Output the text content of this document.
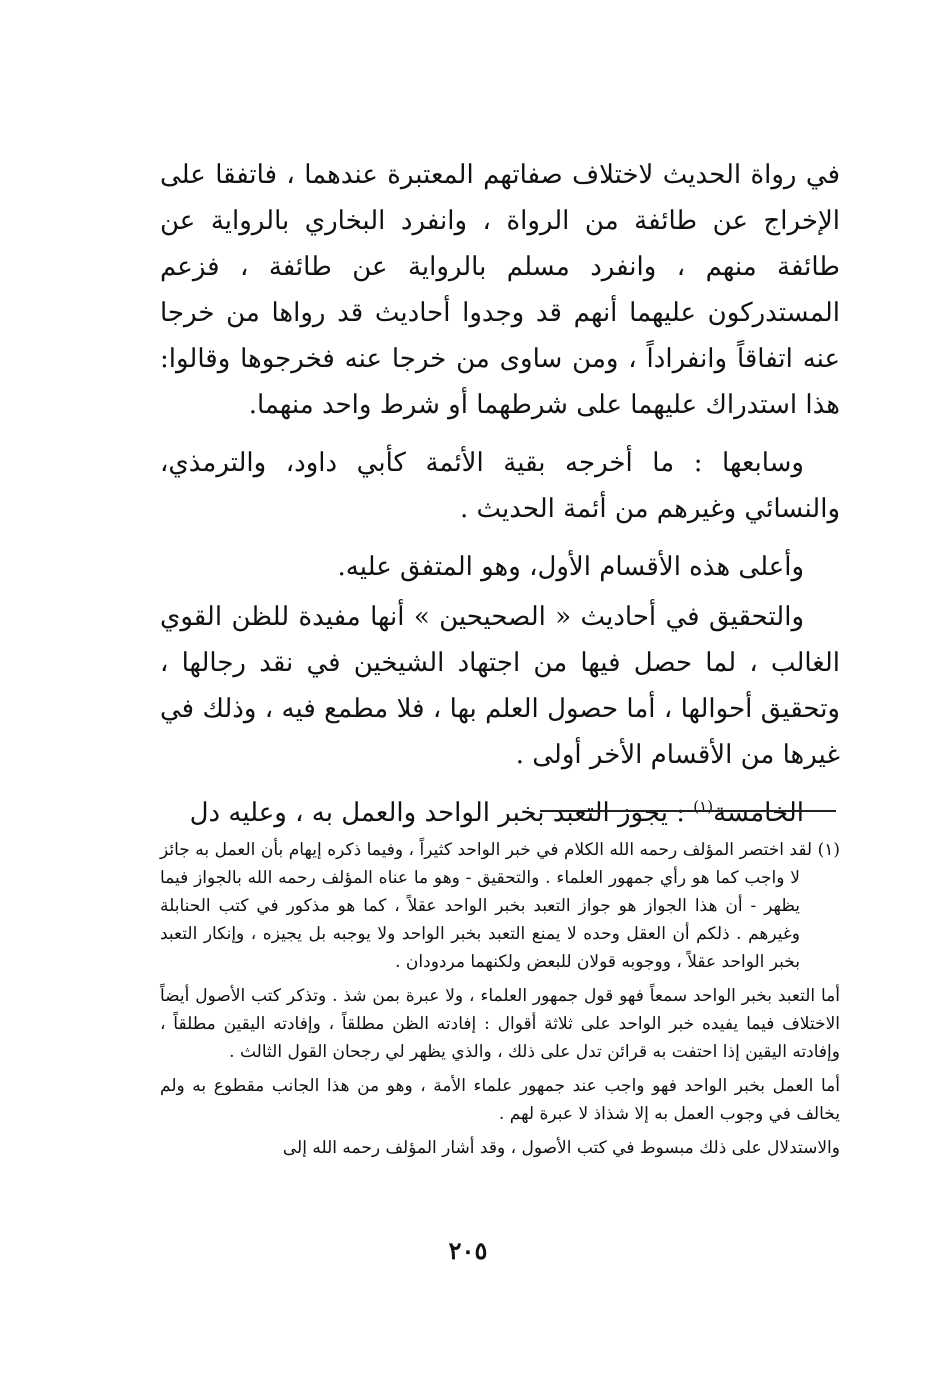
في رواة الحديث لاختلاف صفاتهم المعتبرة عندهما ، فاتفقا على الإخراج عن طائفة من الرواة ، وانفرد البخاري بالرواية عن طائفة منهم ، وانفرد مسلم بالرواية عن طائفة ، فزعم المستدركون عليهما أنهم قد وجدوا أحاديث قد رواها من خرجا عنه اتفاقاً وانفراداً ، ومن ساوى من خرجا عنه فخرجوها وقالوا: هذا استدراك عليهما على شرطهما أو شرط واحد منهما.

وسابعها : ما أخرجه بقية الأئمة كأبي داود، والترمذي، والنسائي وغيرهم من أئمة الحديث .

وأعلى هذه الأقسام الأول، وهو المتفق عليه.

والتحقيق في أحاديث « الصحيحين » أنها مفيدة للظن القوي الغالب ، لما حصل فيها من اجتهاد الشيخين في نقد رجالها ، وتحقيق أحوالها ، أما حصول العلم بها ، فلا مطمع فيه ، وذلك في غيرها من الأقسام الأخر أولى .

الخامسة$^{(١)}$ : يجوز التعبد بخبر الواحد والعمل به ، وعليه دل

(١) لقد اختصر المؤلف رحمه الله الكلام في خبر الواحد كثيراً ، وفيما ذكره إيهام بأن العمل به جائز لا واجب كما هو رأي جمهور العلماء . والتحقيق - وهو ما عناه المؤلف رحمه الله بالجواز فيما يظهر - أن هذا الجواز هو جواز التعبد بخبر الواحد عقلاً ، كما هو مذكور في كتب الحنابلة وغيرهم . ذلكم أن العقل وحده لا يمنع التعبد بخبر الواحد ولا يوجبه بل يجيزه ، وإنكار التعبد بخبر الواحد عقلاً ، ووجوبه قولان للبعض ولكنهما مردودان .

أما التعبد بخبر الواحد سمعاً فهو قول جمهور العلماء ، ولا عبرة بمن شذ . وتذكر كتب الأصول أيضاً الاختلاف فيما يفيده خبر الواحد على ثلاثة أقوال : إفادته الظن مطلقاً ، وإفادته اليقين مطلقاً ، وإفادته اليقين إذا احتفت به قرائن تدل على ذلك ، والذي يظهر لي رجحان القول الثالث .

أما العمل بخبر الواحد فهو واجب عند جمهور علماء الأمة ، وهو من هذا الجانب مقطوع به ولم يخالف في وجوب العمل به إلا شذاذ لا عبرة لهم .

والاستدلال على ذلك مبسوط في كتب الأصول ، وقد أشار المؤلف رحمه الله إلى

٢٠٥
